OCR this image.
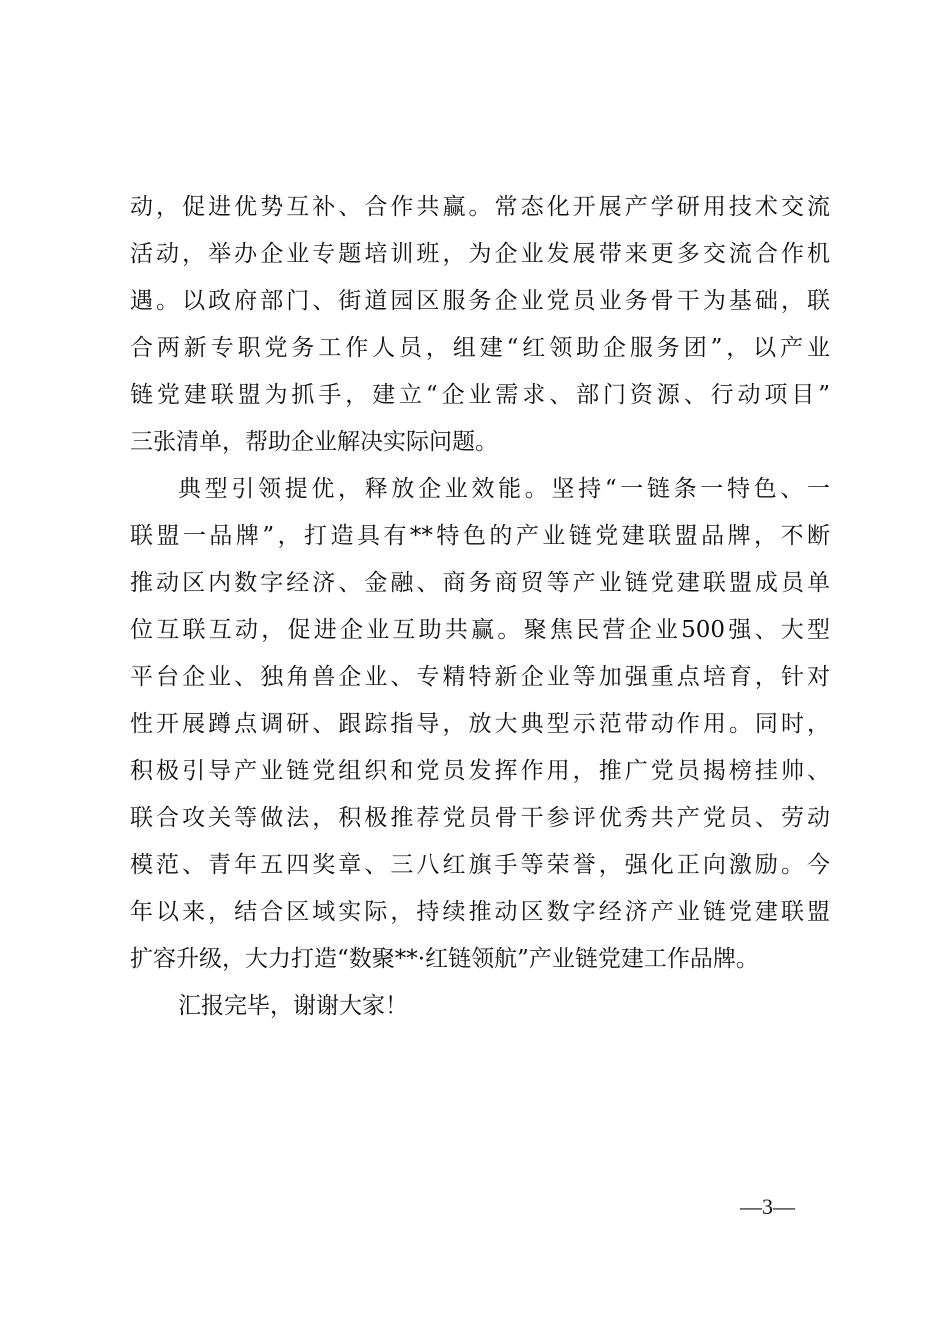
动，促进优势互补、合作共赢。常态化开展产学研用技术交流
活动，举办企业专题培训班，为企业发展带来更多交流合作机
遇。以政府部门、街道园区服务企业党员业务骨干为基础，联
合两新专职党务工作人员，组建“红领助企服务团”，以产业
链党建联盟为抓手，建立“企业需求、部门资源、行动项目”
三张清单，帮助企业解决实际问题。
典型引领提优，释放企业效能。坚持“一链条一特色、一
联盟一品牌”，打造具有**特色的产业链党建联盟品牌，不断
推动区内数字经济、金融、商务商贸等产业链党建联盟成员单
位互联互动，促进企业互助共赢。聚焦民营企业500强、大型
平台企业、独角兽企业、专精特新企业等加强重点培育，针对
性开展蹲点调研、跟踪指导，放大典型示范带动作用。同时，
积极引导产业链党组织和党员发挥作用，推广党员揭榜挂帅、
联合攻关等做法，积极推荐党员骨干参评优秀共产党员、劳动
模范、青年五四奖章、三八红旗手等荣誉，强化正向激励。今
年以来，结合区域实际，持续推动区数字经济产业链党建联盟
扩容升级，大力打造“数聚**·红链领航”产业链党建工作品牌。
汇报完毕，谢谢大家！
—3—
